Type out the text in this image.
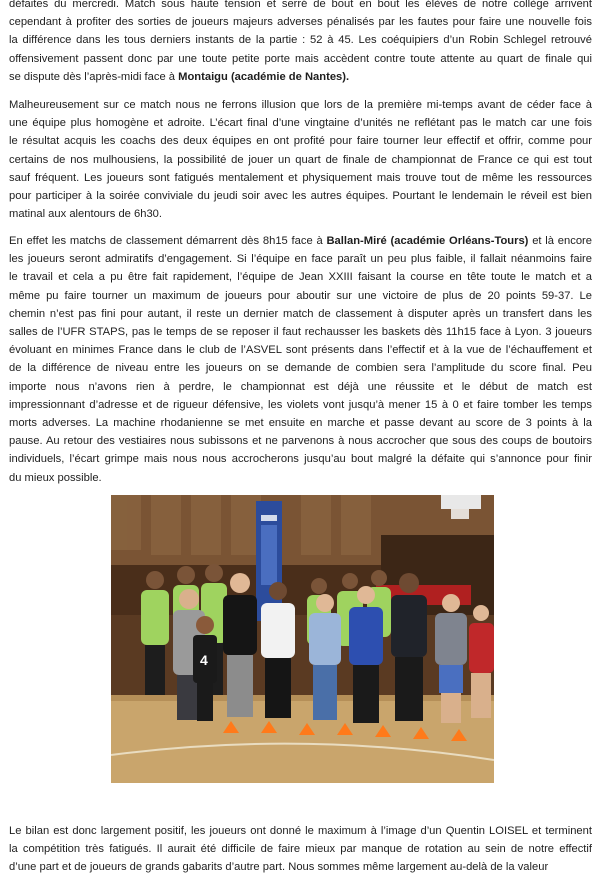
défaites du mercredi. Match sous haute tension et serré de bout en bout les élèves de notre collège arrivent
cependant à profiter des sorties de joueurs majeurs adverses pénalisés par les fautes pour faire une nouvelle fois
la différence dans les tous derniers instants de la partie : 52 à 45. Les coéquipiers d’un Robin Schlegel retrouvé
offensivement passent donc par une toute petite porte mais accèdent contre toute attente au quart de finale qui
se dispute dès l’après-midi face à Montaigu (académie de Nantes).

Malheureusement sur ce match nous ne ferrons illusion que lors de la première mi-temps avant de céder face à
une équipe plus homogène et adroite. L’écart final d’une vingtaine d’unités ne reflétant pas le match car une fois
le résultat acquis les coachs des deux équipes en ont profité pour faire tourner leur effectif et offrir, comme pour
certains de nos mulhousiens, la possibilité de jouer un quart de finale de championnat de France ce qui est tout
sauf fréquent. Les joueurs sont fatigués mentalement et physiquement mais trouve tout de même les ressources
pour participer à la soirée conviviale du jeudi soir avec les autres équipes. Pourtant le lendemain le réveil est bien
matinal aux alentours de 6h30.

En effet les matchs de classement démarrent dès 8h15 face à Ballan-Miré (académie Orléans-Tours) et là encore
les joueurs seront admiratifs d’engagement. Si l’équipe en face paraît un peu plus faible, il fallait néanmoins faire
le travail et cela a pu être fait rapidement, l’équipe de Jean XXIII faisant la course en tête toute le match et a
même pu faire tourner un maximum de joueurs pour aboutir sur une victoire de plus de 20 points 59-37. Le
chemin n’est pas fini pour autant, il reste un dernier match de classement à disputer après un transfert dans les
salles de l’UFR STAPS, pas le temps de se reposer il faut rechausser les baskets dès 11h15 face à Lyon. 3 joueurs
évoluant en minimes France dans le club de l’ASVEL sont présents dans l’effectif et à la vue de l’échauffement et
de la différence de niveau entre les joueurs on se demande de combien sera l’amplitude du score final. Peu
importe nous n’avons rien à perdre, le championnat est déjà une réussite et le début de match est
impressionnant d’adresse et de rigueur défensive, les violets vont jusqu’à mener 15 à 0 et faire tomber les temps
morts adverses. La machine rhodanienne se met ensuite en marche et passe devant au score de 3 points à la
pause. Au retour des vestiaires nous subissons et ne parvenons à nous accrocher que sous des coups de boutoirs
individuels, l’écart grimpe mais nous nous accrocherons jusqu’au bout malgré la défaite qui s’annonce pour finir
du mieux possible.

4

Le bilan est donc largement positif, les joueurs ont donné le maximum à l’image d’un Quentin LOISEL et terminent
la compétition très fatigués. Il aurait été difficile de faire mieux par manque de rotation au sein de notre effectif
d’une part et de joueurs de grands gabarits d’autre part. Nous sommes même largement au-delà de la valeur
